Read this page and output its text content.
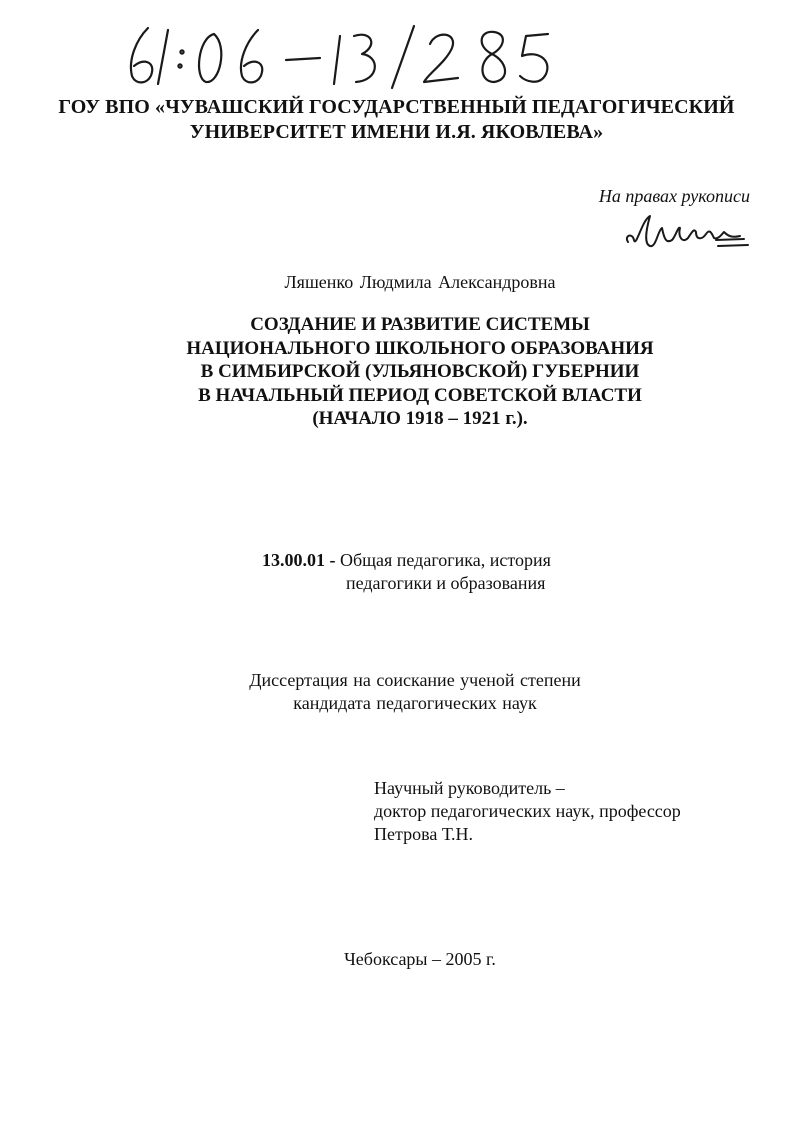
ГОУ ВПО «ЧУВАШСКИЙ ГОСУДАРСТВЕННЫЙ ПЕДАГОГИЧЕСКИЙ
УНИВЕРСИТЕТ ИМЕНИ И.Я. ЯКОВЛЕВА»
На правах рукописи
Ляшенко Людмила Александровна
СОЗДАНИЕ И РАЗВИТИЕ СИСТЕМЫ
НАЦИОНАЛЬНОГО ШКОЛЬНОГО ОБРАЗОВАНИЯ
В СИМБИРСКОЙ (УЛЬЯНОВСКОЙ) ГУБЕРНИИ
В НАЧАЛЬНЫЙ ПЕРИОД СОВЕТСКОЙ ВЛАСТИ
(НАЧАЛО 1918 – 1921 г.).
13.00.01 - Общая педагогика, история
педагогики и образования
Диссертация на соискание ученой степени
кандидата педагогических наук
Научный руководитель –
доктор педагогических наук, профессор
Петрова Т.Н.
Чебоксары – 2005 г.
